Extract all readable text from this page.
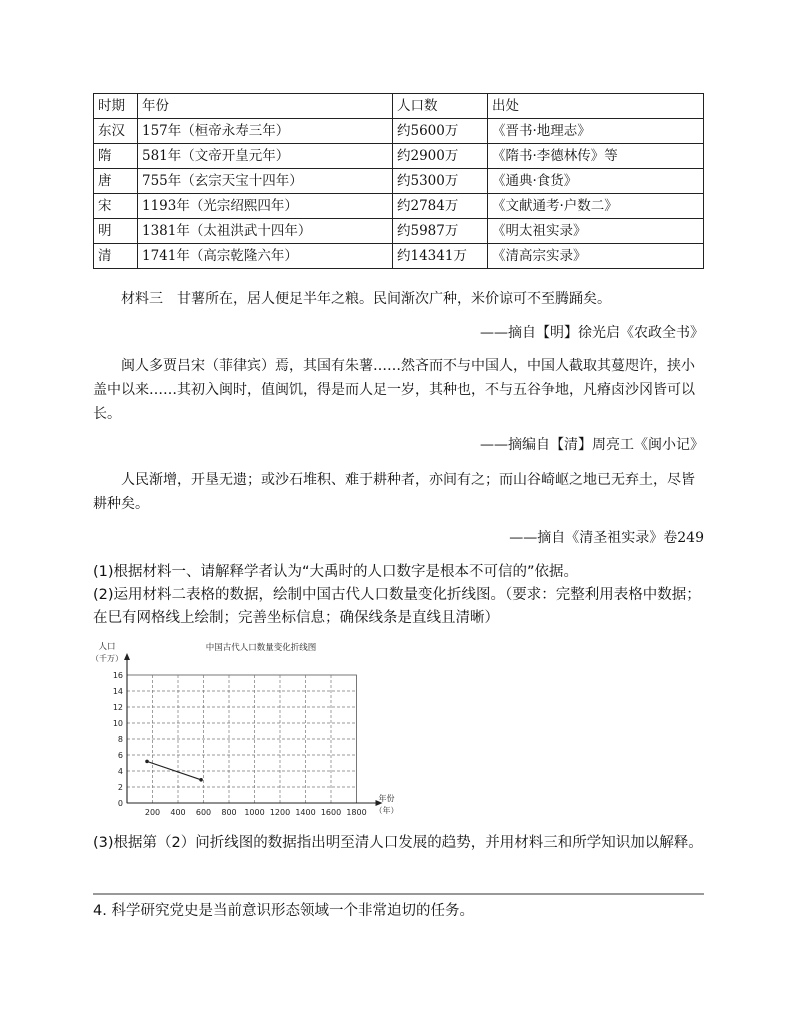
时期	年份	人口数	出处
东汉	157年（桓帝永寿三年）	约5600万	《晋书·地理志》
隋	581年（文帝开皇元年）	约2900万	《隋书·李德林传》等
唐	755年（玄宗天宝十四年）	约5300万	《通典·食货》
宋	1193年（光宗绍熙四年）	约2784万	《文献通考·户数二》
明	1381年（太祖洪武十四年）	约5987万	《明太祖实录》
清	1741年（高宗乾隆六年）	约14341万	《清高宗实录》
材料三　甘薯所在，居人便足半年之粮。民间渐次广种，米价谅可不至腾踊矣。
——摘自【明】徐光启《农政全书》
闽人多贾吕宋（菲律宾）焉，其国有朱薯……然吝而不与中国人，中国人截取其蔓咫许，挟小盖中以来……其初入闽时，值闽饥，得是而人足一岁，其种也，不与五谷争地，凡瘠卤沙冈皆可以长。
——摘编自【清】周亮工《闽小记》
人民渐增，开垦无遗；或沙石堆积、难于耕种者，亦间有之；而山谷崎岖之地已无弃土，尽皆耕种矣。
——摘自《清圣祖实录》卷249
(1)根据材料一、请解释学者认为“大禹时的人口数字是根本不可信的”依据。
(2)运用材料二表格的数据，绘制中国古代人口数量变化折线图。（要求：完整利用表格中数据；在巳有网格线上绘制；完善坐标信息；确保线条是直线且清晰）
0
2
4
6
8
10
12
14
16
200 400 600 800 1000 1200 1400 1600 1800
中国古代人口数量变化折线图
人口
（千万）
年份
（年）
(3)根据第（2）问折线图的数据指出明至清人口发展的趋势，并用材料三和所学知识加以解释。
4. 科学研究党史是当前意识形态领域一个非常迫切的任务。
